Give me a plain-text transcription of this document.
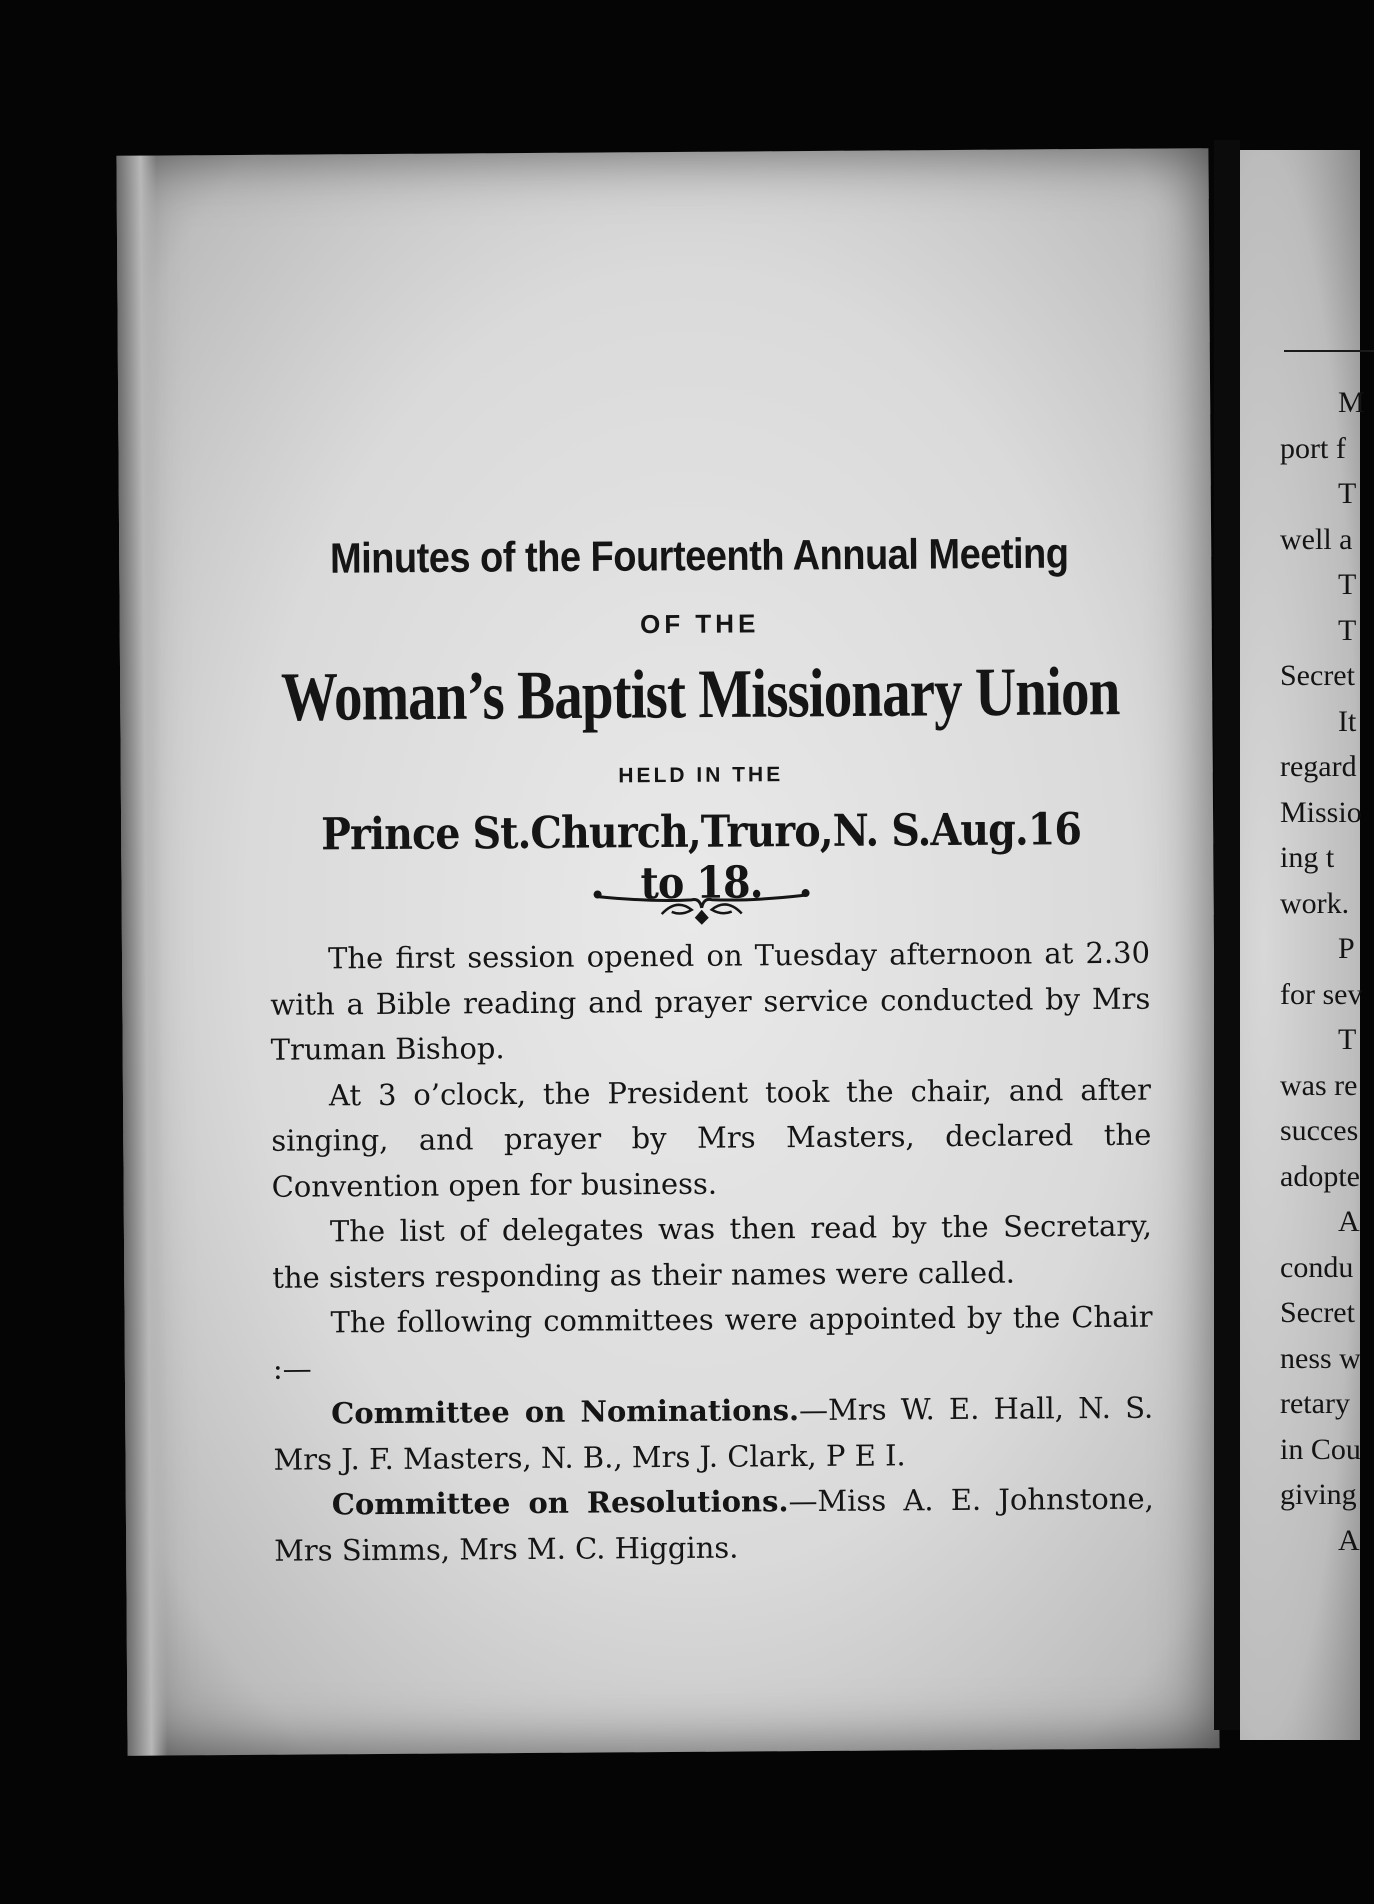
Minutes of the Fourteenth Annual Meeting
OF THE
Woman’s Baptist Missionary Union
HELD IN THE
Prince St.Church,Truro,N. S.Aug.16 to 18.

The first session opened on Tuesday afternoon at 2.30 with a Bible reading and prayer service conducted by Mrs Truman Bishop.

At 3 o’clock, the President took the chair, and after singing, and prayer by Mrs Masters, declared the Convention open for business.

The list of delegates was then read by the Secretary, the sisters responding as their names were called.

The following committees were appointed by the Chair :—

Committee on Nominations.—Mrs W. E. Hall, N. S. Mrs J. F. Masters, N. B., Mrs J. Clark, P E I.

Committee on Resolutions.—Miss A. E. Johnstone, Mrs Simms, Mrs M. C. Higgins.

M
port f
T
well a
T
T
Secret
It
regard
Missio
ing t
work.
P
for sev
T
was re
succes
adopte
A
condu
Secret
ness w
retary
in Cou
giving
A
